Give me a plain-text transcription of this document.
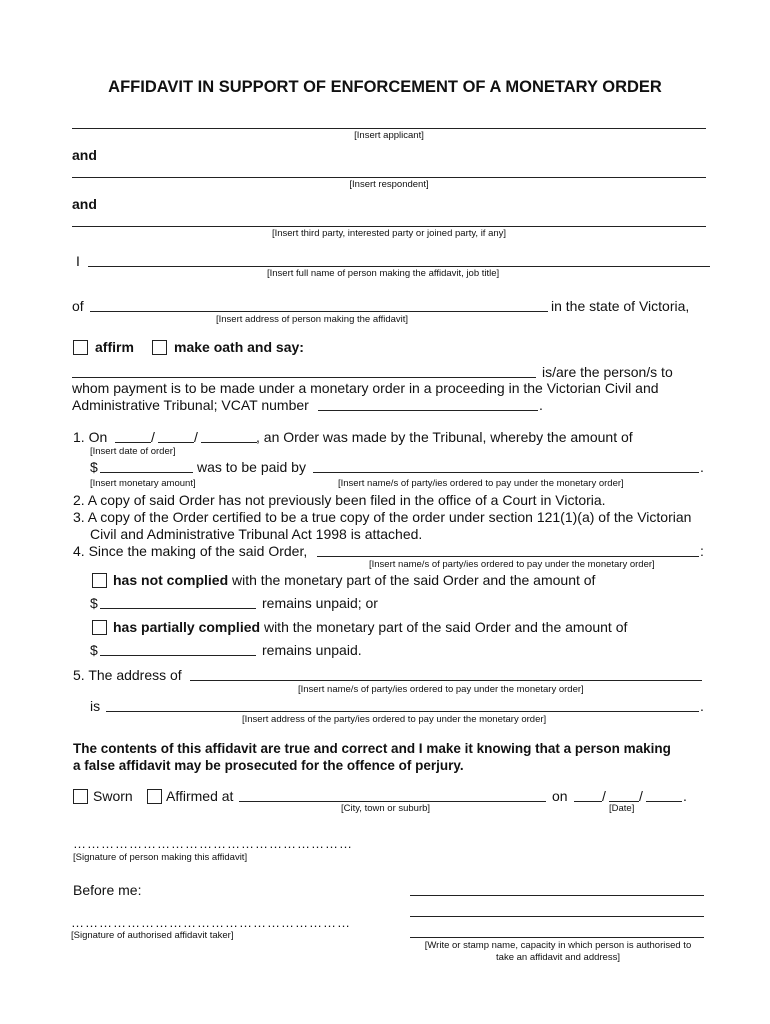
AFFIDAVIT IN SUPPORT OF ENFORCEMENT OF A MONETARY ORDER
[Insert applicant]
and
[Insert respondent]
and
[Insert third party, interested party or joined party, if any]
I
[Insert full name of person making the affidavit, job title]
of	in the state of Victoria,
[Insert address of person making the affidavit]
affirm	make oath and say:
is/are the person/s to
whom payment is to be made under a monetary order in a proceeding in the Victorian Civil and
Administrative Tribunal; VCAT number	.
1. On	/	/	, an Order was made by the Tribunal, whereby the amount of
[Insert date of order]
$	was to be paid by	.
[Insert monetary amount]	[Insert name/s of party/ies ordered to pay under the monetary order]
2. A copy of said Order has not previously been filed in the office of a Court in Victoria.
3. A copy of the Order certified to be a true copy of the order under section 121(1)(a) of the Victorian
Civil and Administrative Tribunal Act 1998 is attached.
4. Since the making of the said Order,	:
[Insert name/s of party/ies ordered to pay under the monetary order]
has not complied with the monetary part of the said Order and the amount of
$	remains unpaid; or
has partially complied with the monetary part of the said Order and the amount of
$	remains unpaid.
5. The address of
[Insert name/s of party/ies ordered to pay under the monetary order]
is	.
[Insert address of the party/ies ordered to pay under the monetary order]
The contents of this affidavit are true and correct and I make it knowing that a person making
a false affidavit may be prosecuted for the offence of perjury.
Sworn Affirmed at	on / /	.
[City, town or suburb]	[Date]
……………………………………………………
[Signature of person making this affidavit]
Before me:
……………………………………………………
[Signature of authorised affidavit taker]
[Write or stamp name, capacity in which person is authorised to
take an affidavit and address]
